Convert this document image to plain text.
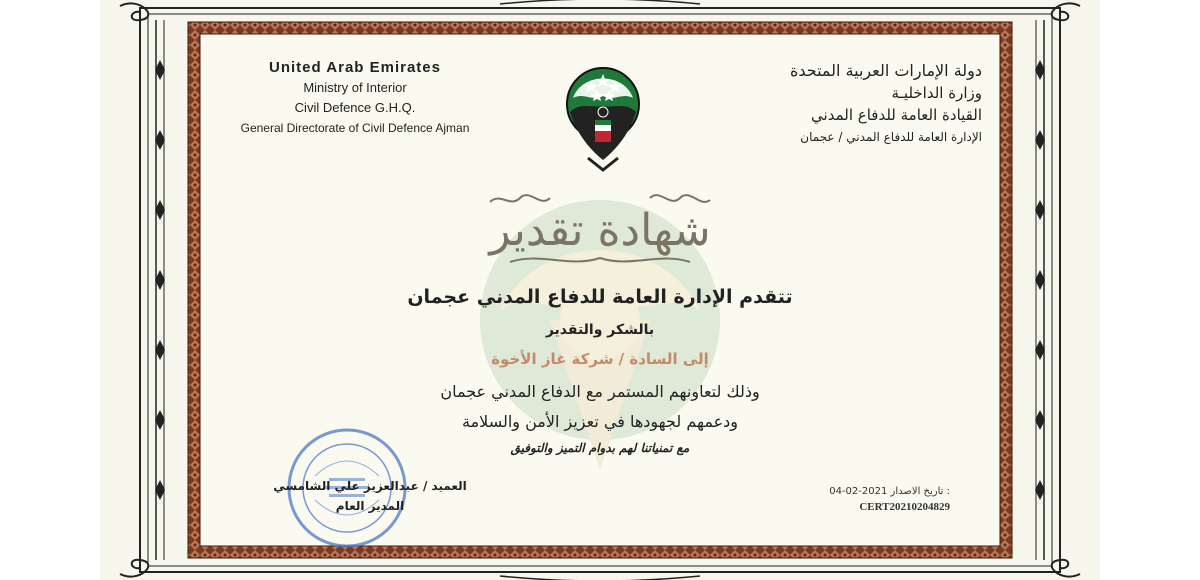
United Arab Emirates
Ministry of Interior
Civil Defence G.H.Q.
General Directorate of Civil Defence Ajman
دولة الإمارات العربية المتحدة
وزارة الداخليـة
القيادة العامة للدفاع المدني
الإدارة العامة للدفاع المدني / عجمان
شهادة تقدير
تتقدم الإدارة العامة للدفاع المدني عجمان
بالشكر والتقدير
إلى السادة / شركة غاز الأخوة
وذلك لتعاونهم المستمر مع الدفاع المدني عجمان
ودعمهم لجهودها في تعزيز الأمن والسلامة
مع تمنياتنا لهم بدوام التميز والتوفيق
العميد / عبدالعزيز علي الشامسي
المدير العام
04-02-2021 تاريخ الاصدار :
CERT20210204829
